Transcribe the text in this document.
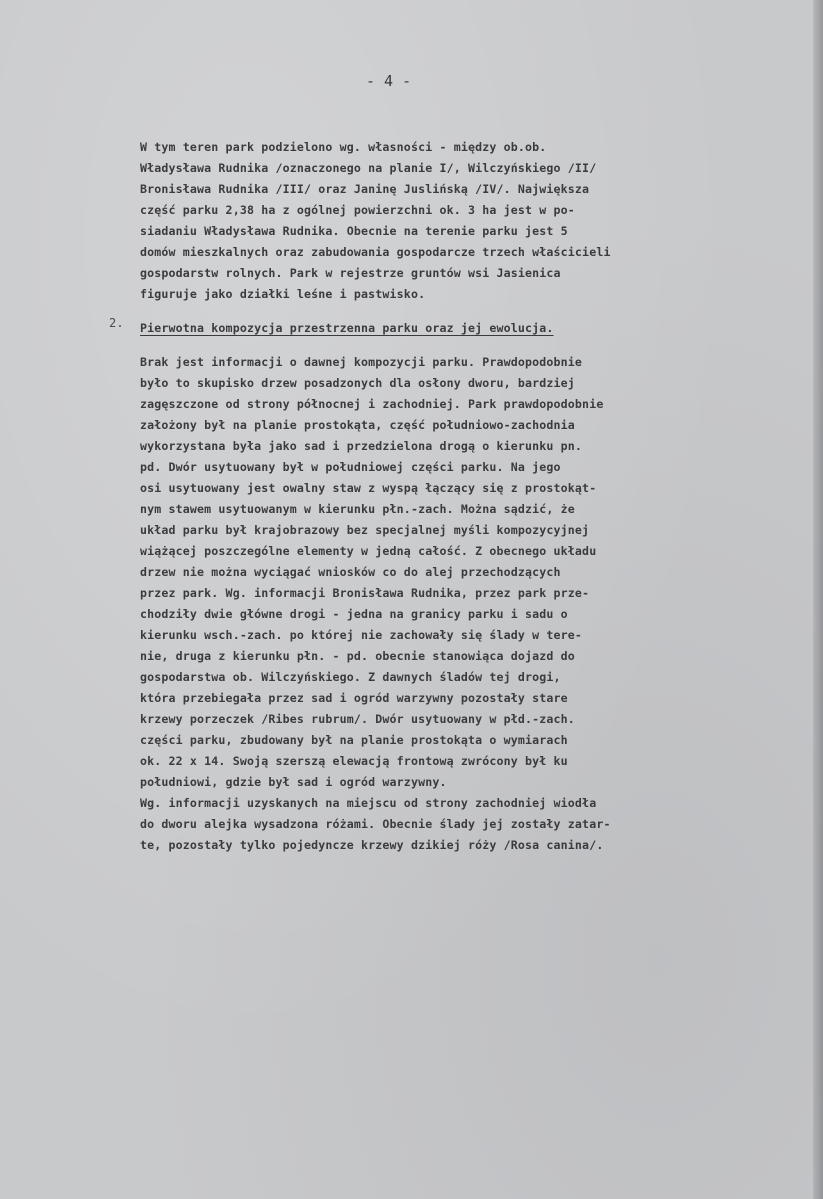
- 4 -
W tym teren park podzielono wg. własności - między ob.ob.
Władysława Rudnika /oznaczonego na planie I/, Wilczyńskiego /II/
Bronisława Rudnika /III/ oraz Janinę Juslińską /IV/. Największa
część parku 2,38 ha z ogólnej powierzchni ok. 3 ha jest w po-
siadaniu Władysława Rudnika. Obecnie na terenie parku jest 5
domów mieszkalnych oraz zabudowania gospodarcze trzech właścicieli
gospodarstw rolnych. Park w rejestrze gruntów wsi Jasienica
figuruje jako działki leśne i pastwisko.
2. Pierwotna kompozycja przestrzenna parku oraz jej ewolucja.
Brak jest informacji o dawnej kompozycji parku. Prawdopodobnie
było to skupisko drzew posadzonych dla osłony dworu, bardziej
zagęszczone od strony północnej i zachodniej. Park prawdopodobnie
założony był na planie prostokąta, część południowo-zachodnia
wykorzystana była jako sad i przedzielona drogą o kierunku pn.
pd. Dwór usytuowany był w południowej części parku. Na jego
osi usytuowany jest owalny staw z wyspą łączący się z prostokąt-
nym stawem usytuowanym w kierunku płn.-zach. Można sądzić, że
układ parku był krajobrazowy bez specjalnej myśli kompozycyjnej
wiążącej poszczególne elementy w jedną całość. Z obecnego układu
drzew nie można wyciągać wniosków co do alej przechodzących
przez park. Wg. informacji Bronisława Rudnika, przez park prze-
chodziły dwie główne drogi - jedna na granicy parku i sadu o
kierunku wsch.-zach. po której nie zachowały się ślady w tere-
nie, druga z kierunku płn. - pd. obecnie stanowiąca dojazd do
gospodarstwa ob. Wilczyńskiego. Z dawnych śladów tej drogi,
która przebiegała przez sad i ogród warzywny pozostały stare
krzewy porzeczek /Ribes rubrum/. Dwór usytuowany w płd.-zach.
części parku, zbudowany był na planie prostokąta o wymiarach
ok. 22 x 14. Swoją szerszą elewacją frontową zwrócony był ku
południowi, gdzie był sad i ogród warzywny.
Wg. informacji uzyskanych na miejscu od strony zachodniej wiodła
do dworu alejka wysadzona różami. Obecnie ślady jej zostały zatar-
te, pozostały tylko pojedyncze krzewy dzikiej róży /Rosa canina/.
